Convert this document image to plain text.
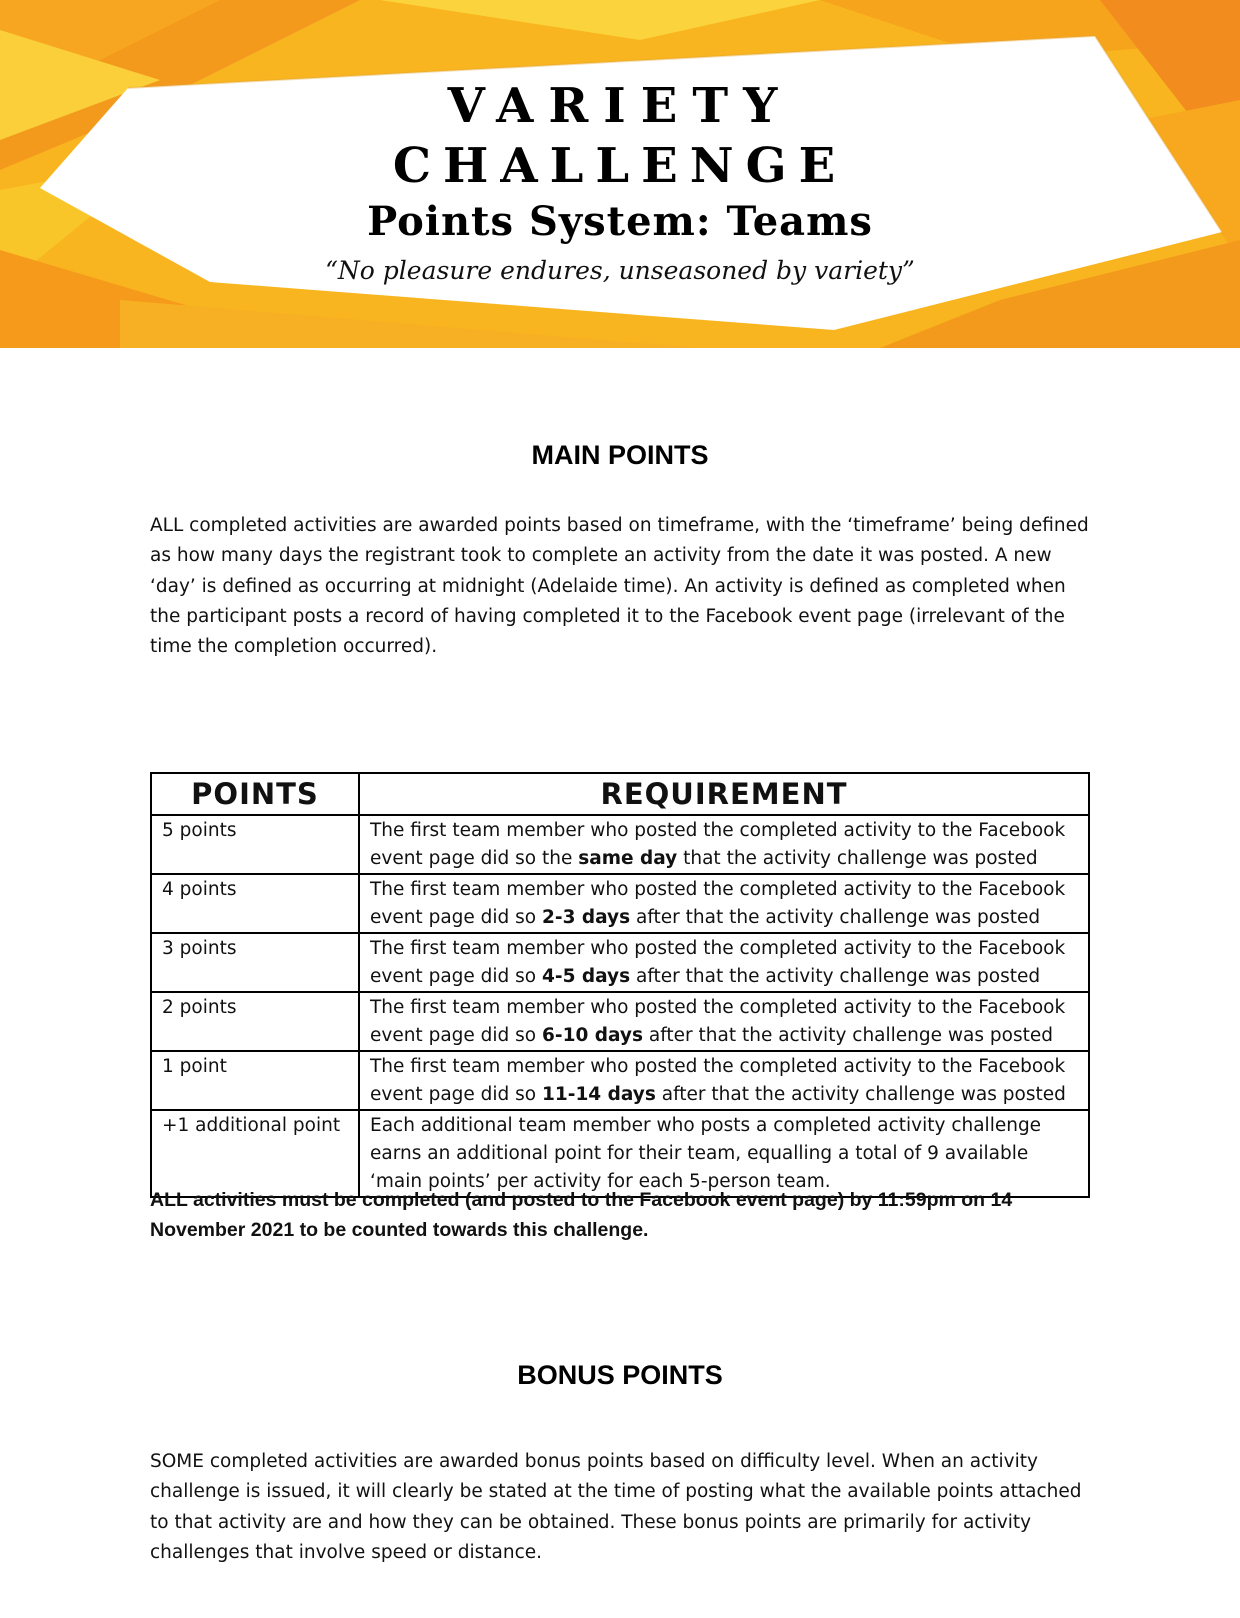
VARIETY
CHALLENGE
Points System: Teams
“No pleasure endures, unseasoned by variety”
MAIN POINTS
ALL completed activities are awarded points based on timeframe, with the ‘timeframe’ being defined as how many days the registrant took to complete an activity from the date it was posted. A new ‘day’ is defined as occurring at midnight (Adelaide time). An activity is defined as completed when the participant posts a record of having completed it to the Facebook event page (irrelevant of the time the completion occurred).
POINTS	REQUIREMENT
5 points	The first team member who posted the completed activity to the Facebook event page did so the same day that the activity challenge was posted
4 points	The first team member who posted the completed activity to the Facebook event page did so 2-3 days after that the activity challenge was posted
3 points	The first team member who posted the completed activity to the Facebook event page did so 4-5 days after that the activity challenge was posted
2 points	The first team member who posted the completed activity to the Facebook event page did so 6-10 days after that the activity challenge was posted
1 point	The first team member who posted the completed activity to the Facebook event page did so 11-14 days after that the activity challenge was posted
+1 additional point	Each additional team member who posts a completed activity challenge earns an additional point for their team, equalling a total of 9 available ‘main points’ per activity for each 5-person team.
ALL activities must be completed (and posted to the Facebook event page) by 11:59pm on 14 November 2021 to be counted towards this challenge.
BONUS POINTS
SOME completed activities are awarded bonus points based on difficulty level. When an activity challenge is issued, it will clearly be stated at the time of posting what the available points attached to that activity are and how they can be obtained. These bonus points are primarily for activity challenges that involve speed or distance.
